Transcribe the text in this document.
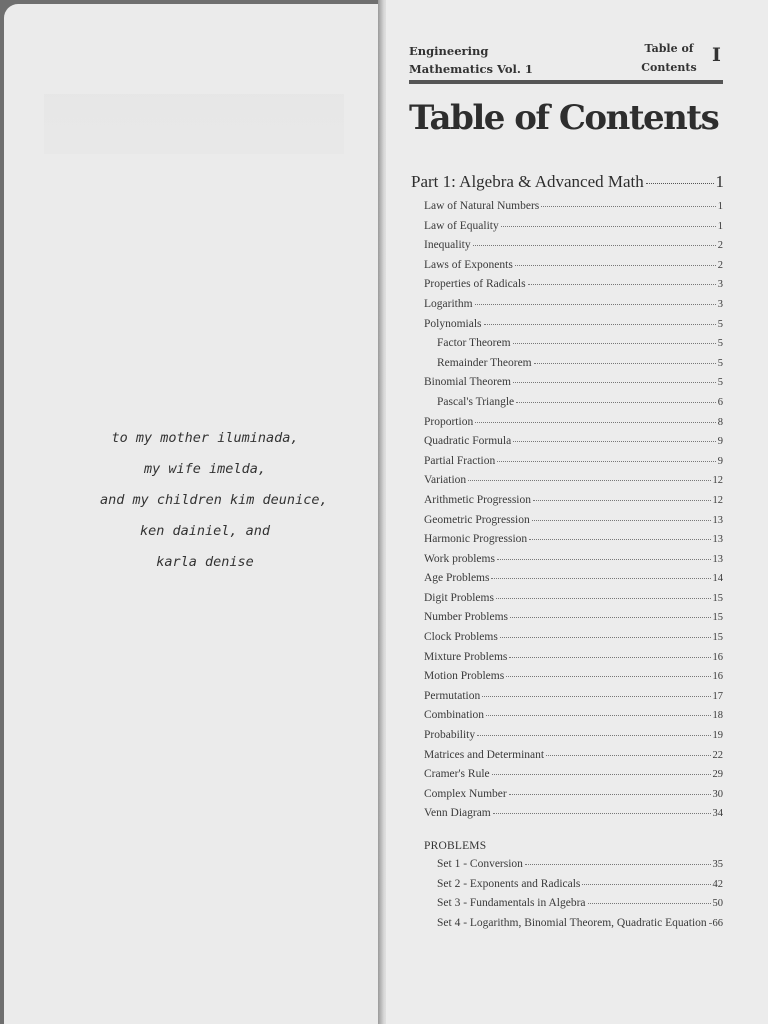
to my mother iluminada,
my wife imelda,
and my children kim deunice,
ken dainiel, and
karla denise
Engineering
Mathematics Vol. 1
Table of
Contents
I
Table of Contents
Part 1: Algebra & Advanced Math	1
Law of Natural Numbers	1
Law of Equality	1
Inequality	2
Laws of Exponents	2
Properties of Radicals	3
Logarithm	3
Polynomials	5
Factor Theorem	5
Remainder Theorem	5
Binomial Theorem	5
Pascal's Triangle	6
Proportion	8
Quadratic Formula	9
Partial Fraction	9
Variation	12
Arithmetic Progression	12
Geometric Progression	13
Harmonic Progression	13
Work problems	13
Age Problems	14
Digit Problems	15
Number Problems	15
Clock Problems	15
Mixture Problems	16
Motion Problems	16
Permutation	17
Combination	18
Probability	19
Matrices and Determinant	22
Cramer's Rule	29
Complex Number	30
Venn Diagram	34
PROBLEMS
Set 1 - Conversion	35
Set 2 - Exponents and Radicals	42
Set 3 - Fundamentals in Algebra	50
Set 4 - Logarithm, Binomial Theorem, Quadratic Equation 66
